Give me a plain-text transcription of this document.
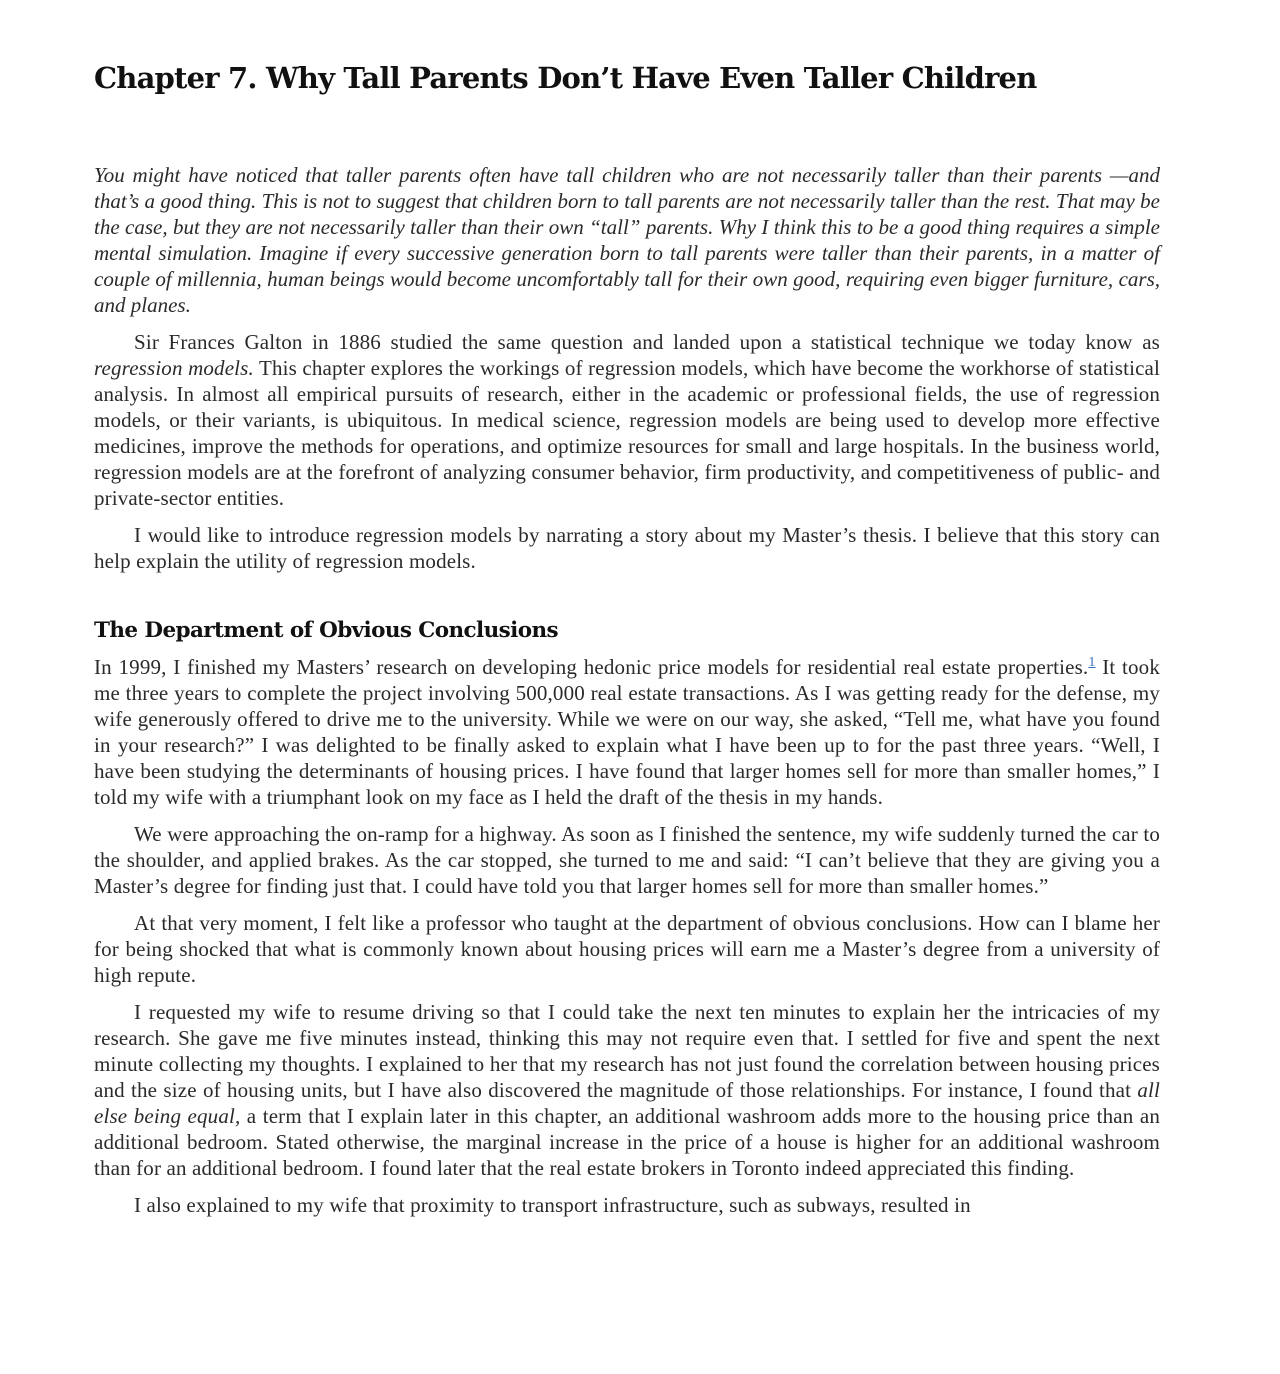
Chapter 7. Why Tall Parents Don’t Have Even Taller Children

You might have noticed that taller parents often have tall children who are not necessarily taller than their parents —and that’s a good thing. This is not to suggest that children born to tall parents are not necessarily taller than the rest. That may be the case, but they are not necessarily taller than their own “tall” parents. Why I think this to be a good thing requires a simple mental simulation. Imagine if every successive generation born to tall parents were taller than their parents, in a matter of couple of millennia, human beings would become uncomfortably tall for their own good, requiring even bigger furniture, cars, and planes.

Sir Frances Galton in 1886 studied the same question and landed upon a statistical technique we today know as regression models. This chapter explores the workings of regression models, which have become the workhorse of statistical analysis. In almost all empirical pursuits of research, either in the academic or professional fields, the use of regression models, or their variants, is ubiquitous. In medical science, regression models are being used to develop more effective medicines, improve the methods for operations, and optimize resources for small and large hospitals. In the business world, regression models are at the forefront of analyzing consumer behavior, firm productivity, and competitiveness of public- and private-sector entities.

I would like to introduce regression models by narrating a story about my Master’s thesis. I believe that this story can help explain the utility of regression models.

The Department of Obvious Conclusions

In 1999, I finished my Masters’ research on developing hedonic price models for residential real estate properties.$^1$ It took me three years to complete the project involving 500,000 real estate transactions. As I was getting ready for the defense, my wife generously offered to drive me to the university. While we were on our way, she asked, “Tell me, what have you found in your research?” I was delighted to be finally asked to explain what I have been up to for the past three years. “Well, I have been studying the determinants of housing prices. I have found that larger homes sell for more than smaller homes,” I told my wife with a triumphant look on my face as I held the draft of the thesis in my hands.

We were approaching the on-ramp for a highway. As soon as I finished the sentence, my wife suddenly turned the car to the shoulder, and applied brakes. As the car stopped, she turned to me and said: “I can’t believe that they are giving you a Master’s degree for finding just that. I could have told you that larger homes sell for more than smaller homes.”

At that very moment, I felt like a professor who taught at the department of obvious conclusions. How can I blame her for being shocked that what is commonly known about housing prices will earn me a Master’s degree from a university of high repute.

I requested my wife to resume driving so that I could take the next ten minutes to explain her the intricacies of my research. She gave me five minutes instead, thinking this may not require even that. I settled for five and spent the next minute collecting my thoughts. I explained to her that my research has not just found the correlation between housing prices and the size of housing units, but I have also discovered the magnitude of those relationships. For instance, I found that all else being equal, a term that I explain later in this chapter, an additional washroom adds more to the housing price than an additional bedroom. Stated otherwise, the marginal increase in the price of a house is higher for an additional washroom than for an additional bedroom. I found later that the real estate brokers in Toronto indeed appreciated this finding.

I also explained to my wife that proximity to transport infrastructure, such as subways, resulted in
